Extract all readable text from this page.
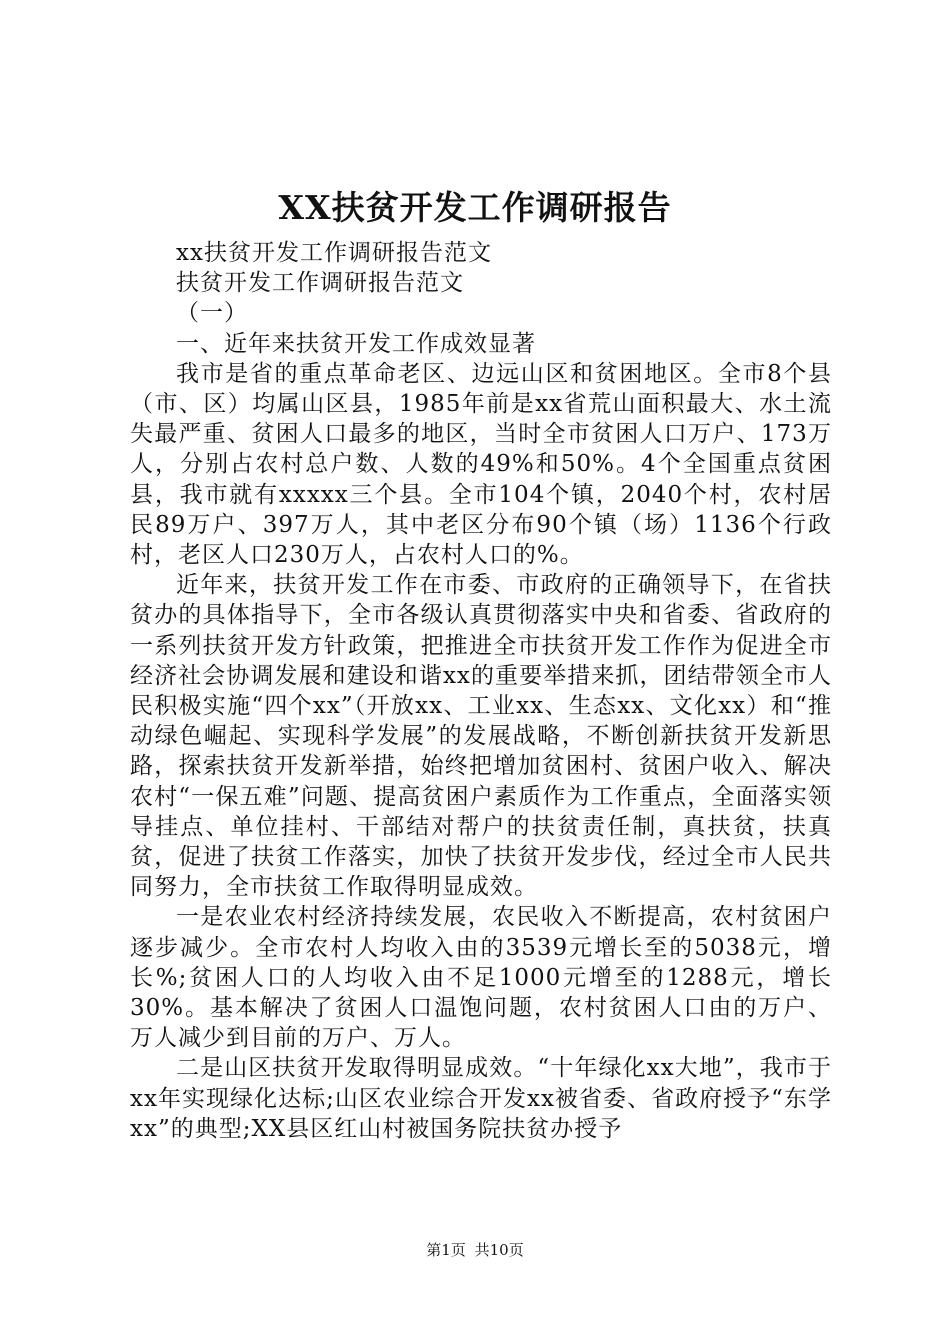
XX扶贫开发工作调研报告

xx扶贫开发工作调研报告范文

扶贫开发工作调研报告范文

（一）

一、近年来扶贫开发工作成效显著

我市是省的重点革命老区、边远山区和贫困地区。全市8个县（市、区）均属山区县，1985年前是xx省荒山面积最大、水土流失最严重、贫困人口最多的地区，当时全市贫困人口万户、173万人，分别占农村总户数、人数的49%和50%。4个全国重点贫困县，我市就有xxxxx三个县。全市104个镇，2040个村，农村居民89万户、397万人，其中老区分布90个镇（场）1136个行政村，老区人口230万人，占农村人口的%。

近年来，扶贫开发工作在市委、市政府的正确领导下，在省扶贫办的具体指导下，全市各级认真贯彻落实中央和省委、省政府的一系列扶贫开发方针政策，把推进全市扶贫开发工作作为促进全市经济社会协调发展和建设和谐xx的重要举措来抓，团结带领全市人民积极实施“四个xx”（开放xx、工业xx、生态xx、文化xx）和“推动绿色崛起、实现科学发展”的发展战略，不断创新扶贫开发新思路，探索扶贫开发新举措，始终把增加贫困村、贫困户收入、解决农村“一保五难”问题、提高贫困户素质作为工作重点，全面落实领导挂点、单位挂村、干部结对帮户的扶贫责任制，真扶贫，扶真贫，促进了扶贫工作落实，加快了扶贫开发步伐，经过全市人民共同努力，全市扶贫工作取得明显成效。

一是农业农村经济持续发展，农民收入不断提高，农村贫困户逐步减少。全市农村人均收入由的3539元增长至的5038元，增长%;贫困人口的人均收入由不足1000元增至的1288元，增长30%。基本解决了贫困人口温饱问题，农村贫困人口由的万户、万人减少到目前的万户、万人。

二是山区扶贫开发取得明显成效。“十年绿化xx大地”，我市于xx年实现绿化达标;山区农业综合开发xx被省委、省政府授予“东学xx”的典型;XX县区红山村被国务院扶贫办授予

第1页 共10页
